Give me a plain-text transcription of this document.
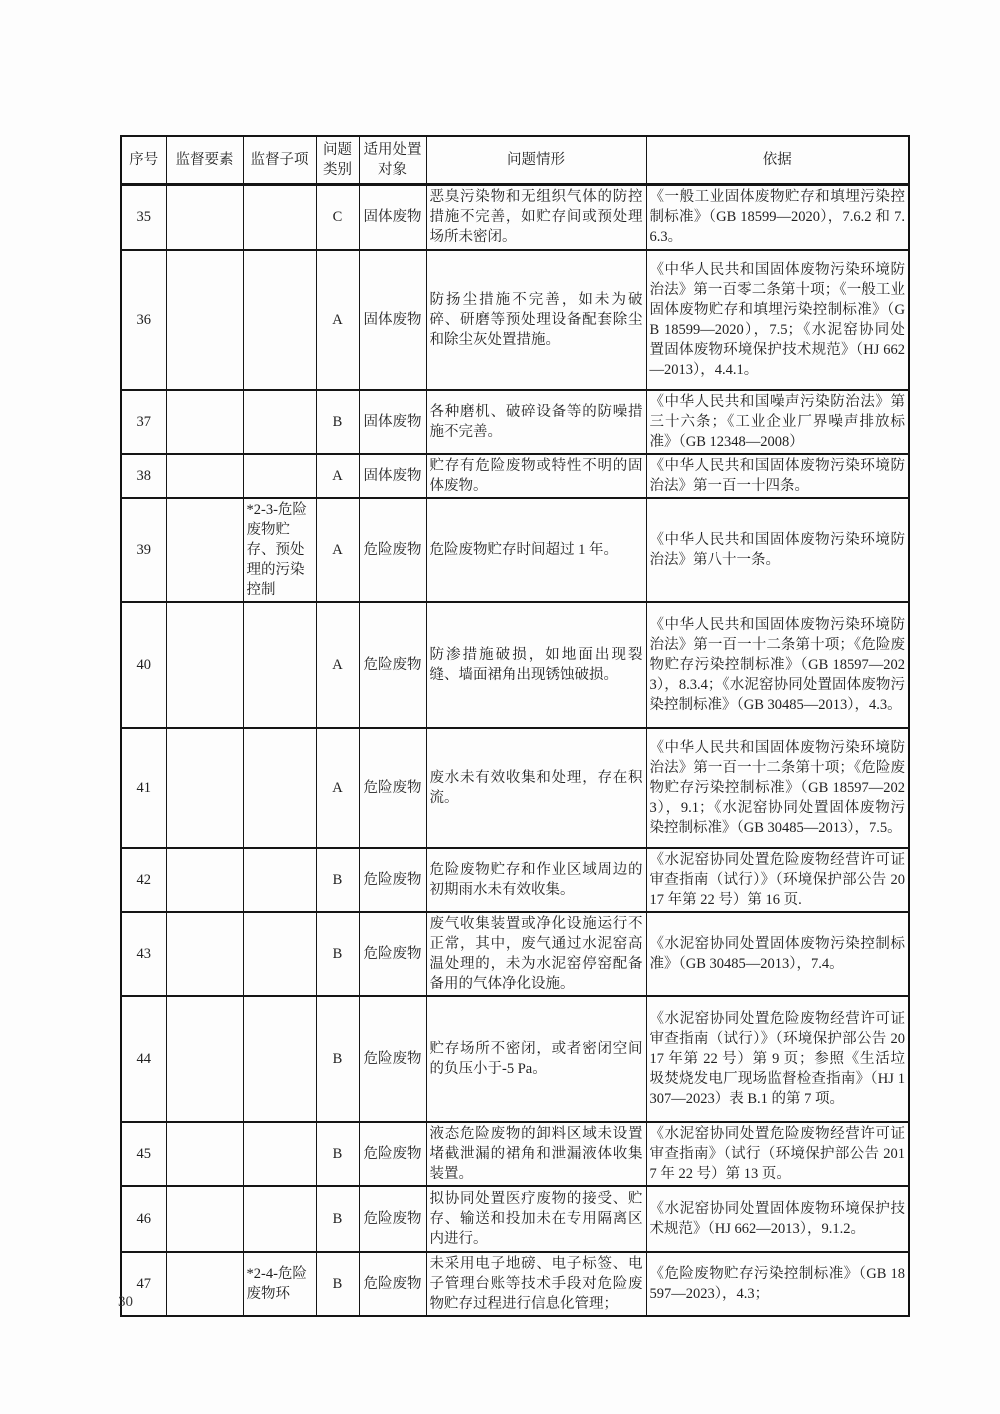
序号	监督要素	监督子项	问题类别	适用处置对象	问题情形	依据
35			C	固体废物	恶臭污染物和无组织气体的防控措施不完善，如贮存间或预处理场所未密闭。	《一般工业固体废物贮存和填埋污染控制标准》（GB 18599—2020），7.6.2 和 7.6.3。
36			A	固体废物	防扬尘措施不完善，如未为破碎、研磨等预处理设备配套除尘和除尘灰处置措施。	《中华人民共和国固体废物污染环境防治法》第一百零二条第十项；《一般工业固体废物贮存和填埋污染控制标准》（GB 18599—2020），7.5；《水泥窑协同处置固体废物环境保护技术规范》（HJ 662—2013），4.4.1。
37			B	固体废物	各种磨机、破碎设备等的防噪措施不完善。	《中华人民共和国噪声污染防治法》第三十六条；《工业企业厂界噪声排放标准》（GB 12348—2008）
38			A	固体废物	贮存有危险废物或特性不明的固体废物。	《中华人民共和国固体废物污染环境防治法》第一百一十四条。
39		*2-3-危险废物贮存、预处理的污染控制	A	危险废物	危险废物贮存时间超过 1 年。	《中华人民共和国固体废物污染环境防治法》第八十一条。
40			A	危险废物	防渗措施破损，如地面出现裂缝、墙面裙角出现锈蚀破损。	《中华人民共和国固体废物污染环境防治法》第一百一十二条第十项；《危险废物贮存污染控制标准》（GB 18597—2023），8.3.4；《水泥窑协同处置固体废物污染控制标准》（GB 30485—2013），4.3。
41			A	危险废物	废水未有效收集和处理，存在积流。	《中华人民共和国固体废物污染环境防治法》第一百一十二条第十项；《危险废物贮存污染控制标准》（GB 18597—2023），9.1；《水泥窑协同处置固体废物污染控制标准》（GB 30485—2013），7.5。
42			B	危险废物	危险废物贮存和作业区域周边的初期雨水未有效收集。	《水泥窑协同处置危险废物经营许可证审查指南（试行）》（环境保护部公告 2017 年第 22 号）第 16 页.
43			B	危险废物	废气收集装置或净化设施运行不正常，其中，废气通过水泥窑高温处理的，未为水泥窑停窑配备备用的气体净化设施。	《水泥窑协同处置固体废物污染控制标准》（GB 30485—2013），7.4。
44			B	危险废物	贮存场所不密闭，或者密闭空间的负压小于-5 Pa。	《水泥窑协同处置危险废物经营许可证审查指南（试行）》（环境保护部公告 2017 年第 22 号）第 9 页；参照《生活垃圾焚烧发电厂现场监督检查指南》（HJ 1307—2023）表 B.1 的第 7 项。
45			B	危险废物	液态危险废物的卸料区域未设置堵截泄漏的裙角和泄漏液体收集装置。	《水泥窑协同处置危险废物经营许可证审查指南》（试行（环境保护部公告 2017 年 22 号）第 13 页。
46			B	危险废物	拟协同处置医疗废物的接受、贮存、输送和投加未在专用隔离区内进行。	《水泥窑协同处置固体废物环境保护技术规范》（HJ 662—2013），9.1.2。
47		*2-4-危险废物环	B	危险废物	未采用电子地磅、电子标签、电子管理台账等技术手段对危险废物贮存过程进行信息化管理；	《危险废物贮存污染控制标准》（GB 18597—2023），4.3；
30
